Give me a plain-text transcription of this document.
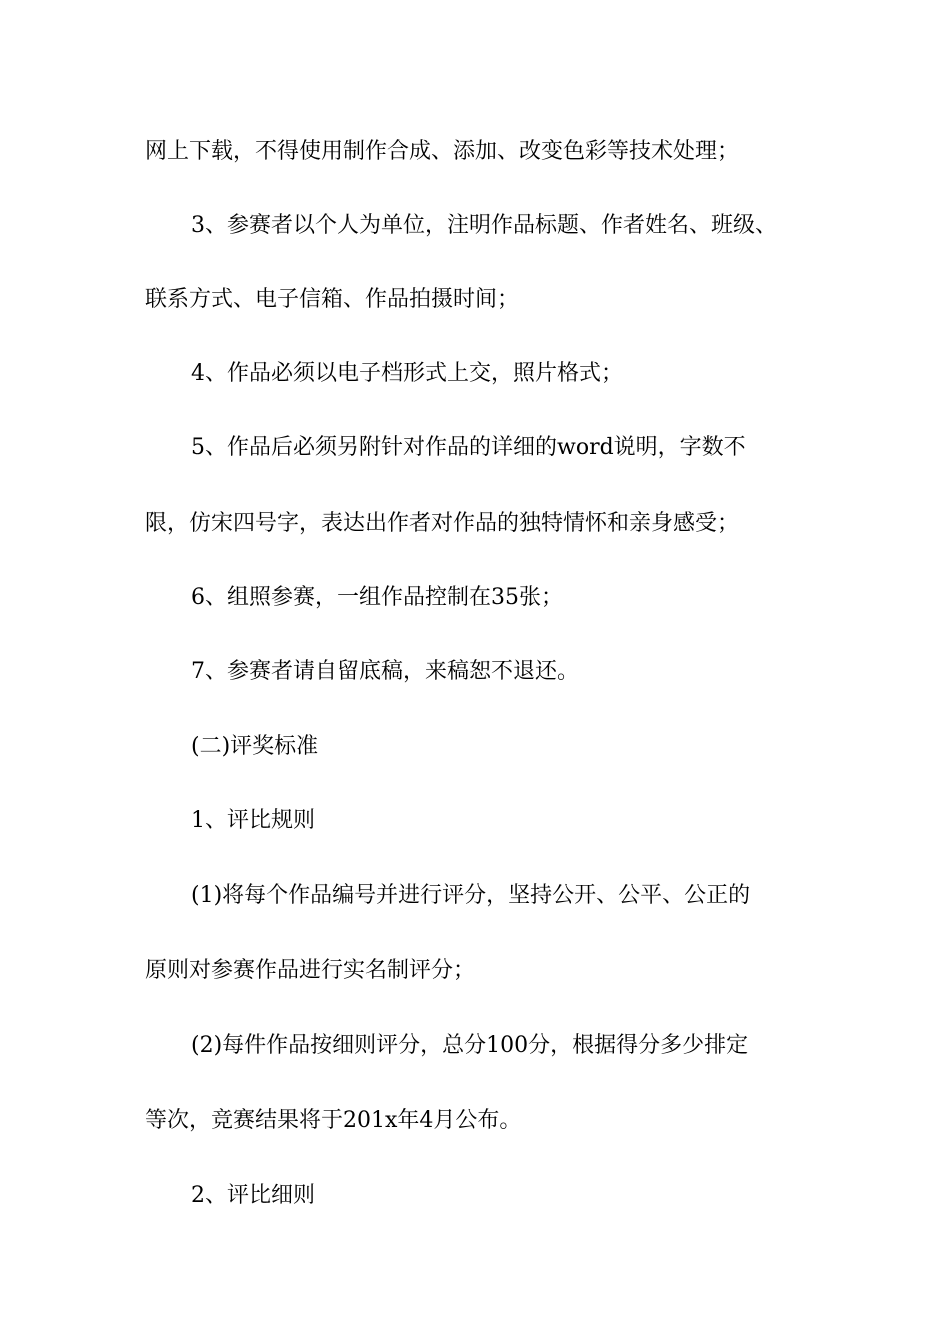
网上下载，不得使用制作合成、添加、改变色彩等技术处理；
3、参赛者以个人为单位，注明作品标题、作者姓名、班级、
联系方式、电子信箱、作品拍摄时间；
4、作品必须以电子档形式上交，照片格式；
5、作品后必须另附针对作品的详细的word说明，字数不
限，仿宋四号字，表达出作者对作品的独特情怀和亲身感受；
6、组照参赛，一组作品控制在35张；
7、参赛者请自留底稿，来稿恕不退还。
(二)评奖标准
1、评比规则
(1)将每个作品编号并进行评分，坚持公开、公平、公正的
原则对参赛作品进行实名制评分；
(2)每件作品按细则评分，总分100分，根据得分多少排定
等次，竞赛结果将于201x年4月公布。
2、评比细则
